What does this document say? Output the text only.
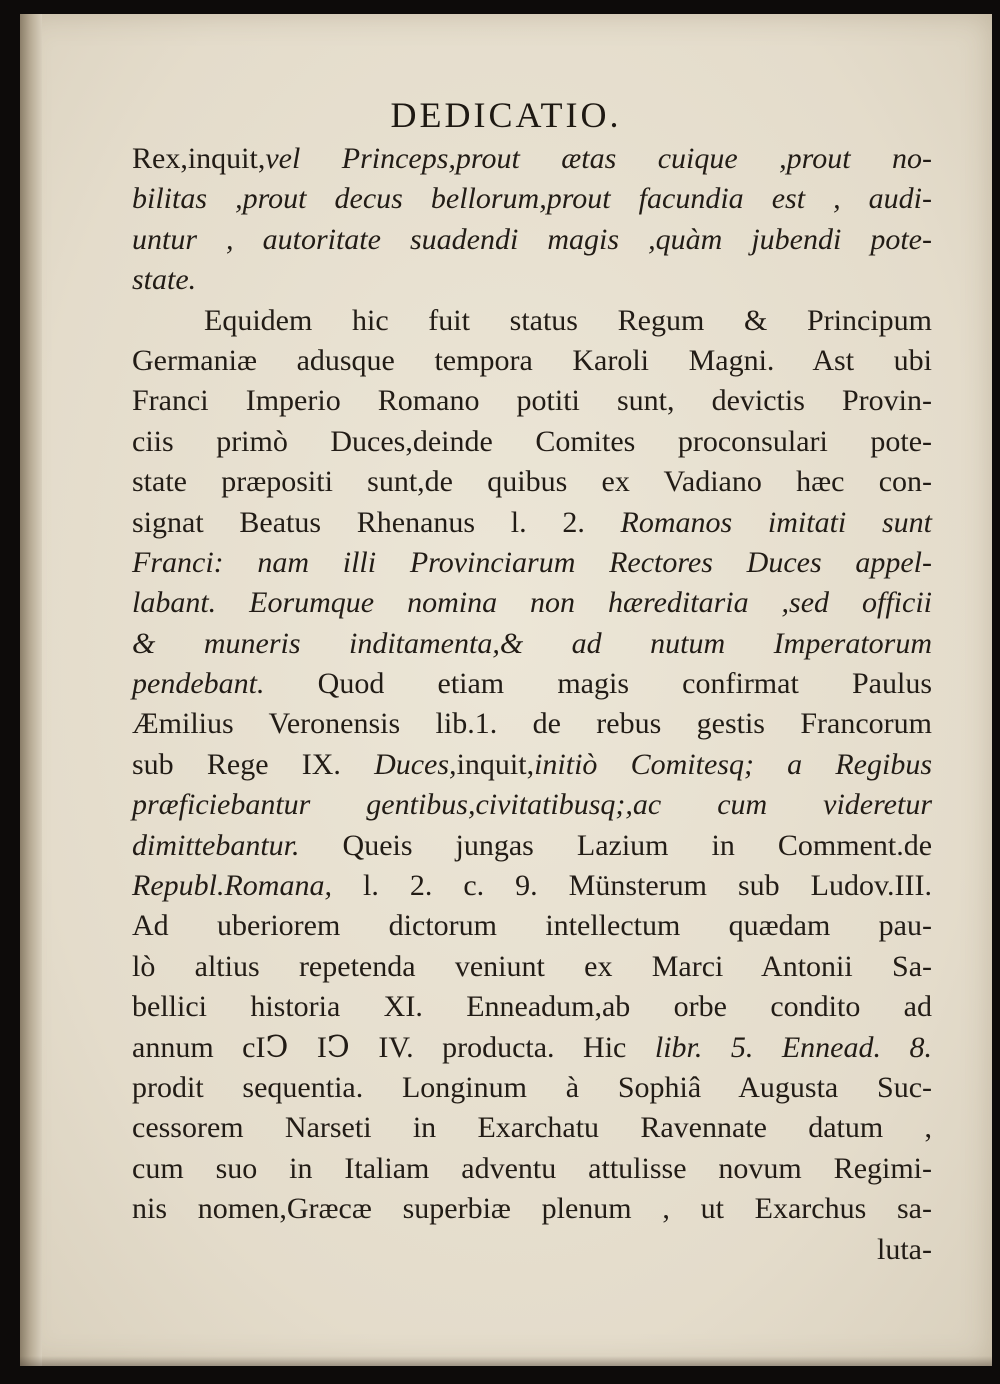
DEDICATIO.
Rex,inquit,vel Princeps,prout ætas cuique ,prout no-
bilitas ,prout decus bellorum,prout facundia est , audi-
untur , autoritate suadendi magis ,quàm jubendi pote-
state.
Equidem hic fuit status Regum & Principum
Germaniæ adusque tempora Karoli Magni. Ast ubi
Franci Imperio Romano potiti sunt, devictis Provin-
ciis primò Duces,deinde Comites proconsulari pote-
state præpositi sunt,de quibus ex Vadiano hæc con-
signat Beatus Rhenanus l. 2. Romanos imitati sunt
Franci: nam illi Provinciarum Rectores Duces appel-
labant. Eorumque nomina non hæreditaria ,sed officii
& muneris inditamenta,& ad nutum Imperatorum
pendebant. Quod etiam magis confirmat Paulus
Æmilius Veronensis lib.1. de rebus gestis Francorum
sub Rege IX. Duces,inquit,initiò Comitesq; a Regibus
præficiebantur gentibus,civitatibusq;,ac cum videretur
dimittebantur. Queis jungas Lazium in Comment.de
Republ.Romana, l. 2. c. 9. Münsterum sub Ludov.III.
Ad uberiorem dictorum intellectum quædam pau-
lò altius repetenda veniunt ex Marci Antonii Sa-
bellici historia XI. Enneadum,ab orbe condito ad
annum cIↃ IↃ IV. producta. Hic libr. 5. Ennead. 8.
prodit sequentia. Longinum à Sophiâ Augusta Suc-
cessorem Narseti in Exarchatu Ravennate datum ,
cum suo in Italiam adventu attulisse novum Regimi-
nis nomen,Græcæ superbiæ plenum , ut Exarchus sa-
luta-
